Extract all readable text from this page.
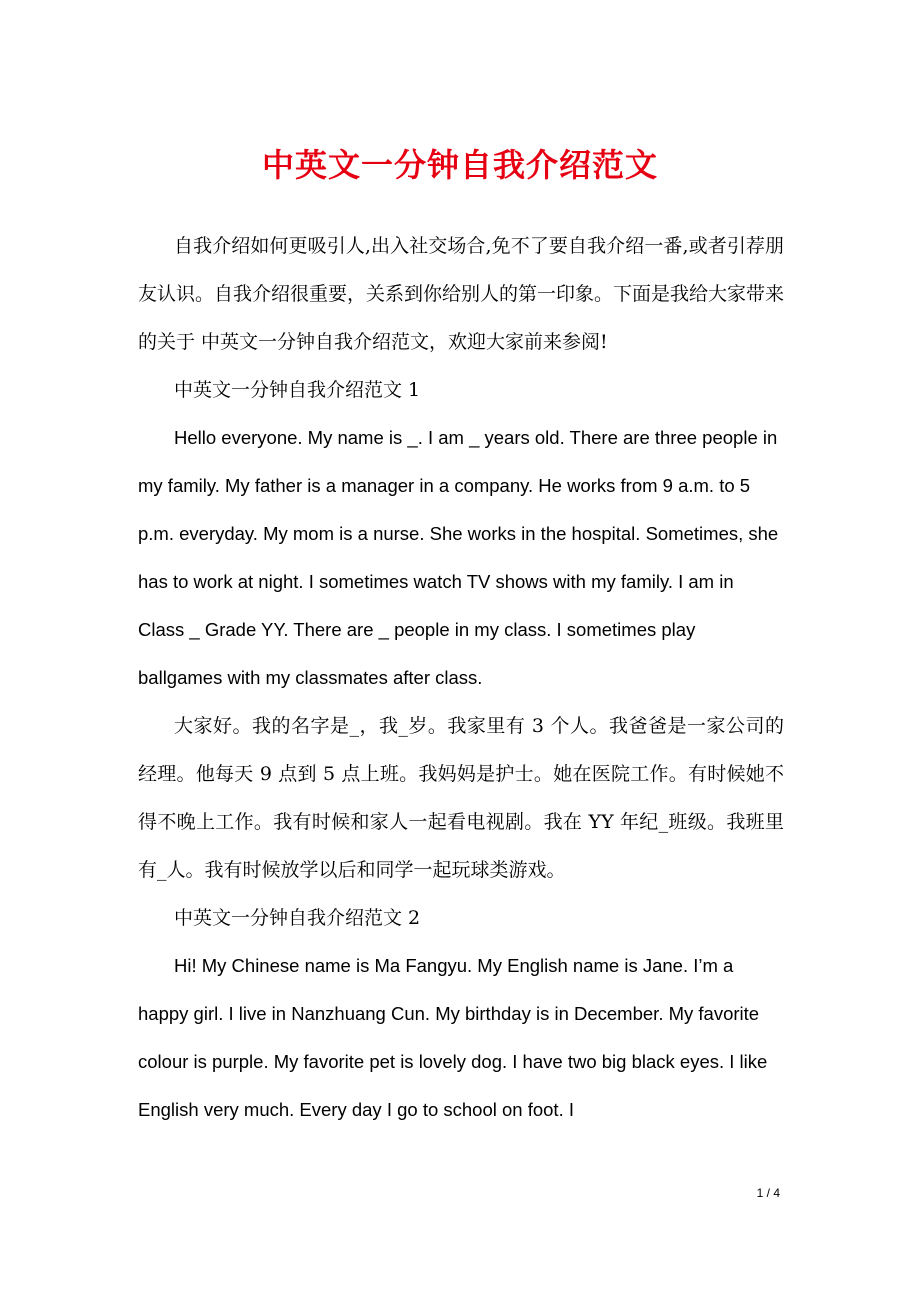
中英文一分钟自我介绍范文

自我介绍如何更吸引人,出入社交场合,免不了要自我介绍一番,或者引荐朋友认识。自我介绍很重要，关系到你给别人的第一印象。下面是我给大家带来的关于 中英文一分钟自我介绍范文，欢迎大家前来参阅!

中英文一分钟自我介绍范文 1

Hello everyone. My name is _. I am _ years old. There are three people in my family. My father is a manager in a company. He works from 9 a.m. to 5 p.m. everyday. My mom is a nurse. She works in the hospital. Sometimes, she has to work at night. I sometimes watch TV shows with my family. I am in Class _ Grade YY. There are _ people in my class. I sometimes play ballgames with my classmates after class.

大家好。我的名字是_，我_岁。我家里有 3 个人。我爸爸是一家公司的经理。他每天 9 点到 5 点上班。我妈妈是护士。她在医院工作。有时候她不得不晚上工作。我有时候和家人一起看电视剧。我在 YY 年纪_班级。我班里有_人。我有时候放学以后和同学一起玩球类游戏。

中英文一分钟自我介绍范文 2

Hi! My Chinese name is Ma Fangyu. My English name is Jane. I’m a happy girl. I live in Nanzhuang Cun. My birthday is in December. My favorite colour is purple. My favorite pet is lovely dog. I have two big black eyes. I like English very much. Every day I go to school on foot. I

1 / 4
